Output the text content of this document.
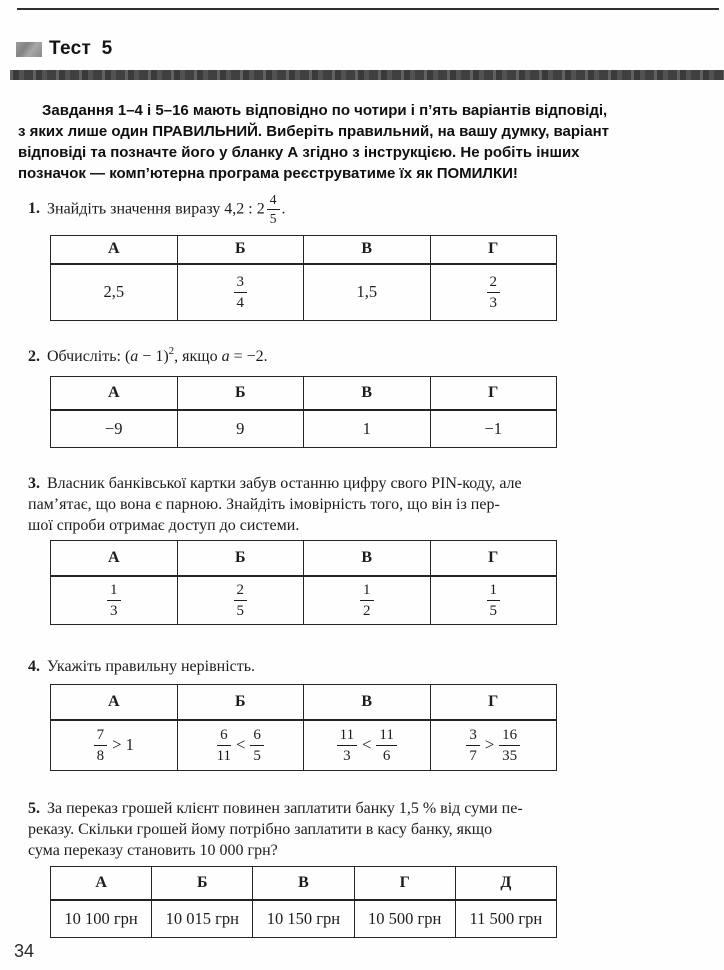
Тест 5
Завдання 1–4 і 5–16 мають відповідно по чотири і п’ять варіантів відповіді,
з яких лише один ПРАВИЛЬНИЙ. Виберіть правильний, на вашу думку, варіант
відповіді та позначте його у бланку А згідно з інструкцією. Не робіть інших
позначок — комп’ютерна програма реєструватиме їх як ПОМИЛКИ!
1. Знайдіть значення виразу 4,2 : $2 \frac{4}{5}$ .
А	Б	В	Г

2,5	$\frac{3}{4}$	1,5	$\frac{2}{3}$
2. Обчисліть: $(a - 1)^2$, якщо a = −2.
А	Б	В	Г

−9	9	1	−1
3. Власник банківської картки забув останню цифру свого PIN-коду, але
пам’ятає, що вона є парною. Знайдіть імовірність того, що він із пер-
шої спроби отримає доступ до системи.
А	Б	В	Г

$\frac{1}{3}$	$\frac{2}{5}$	$\frac{1}{2}$	$\frac{1}{5}$
4. Укажіть правильну нерівність.
А	Б	В	Г

$\frac{7}{8} > 1$	$\frac{6}{11} < \frac{6}{5}$	$\frac{11}{3} < \frac{11}{6}$	$\frac{3}{7} > \frac{16}{35}$
5. За переказ грошей клієнт повинен заплатити банку 1,5 % від суми пе-
реказу. Скільки грошей йому потрібно заплатити в касу банку, якщо
сума переказу становить 10 000 грн?
А	Б	В	Г	Д

10 100 грн	10 015 грн	10 150 грн	10 500 грн	11 500 грн
34
